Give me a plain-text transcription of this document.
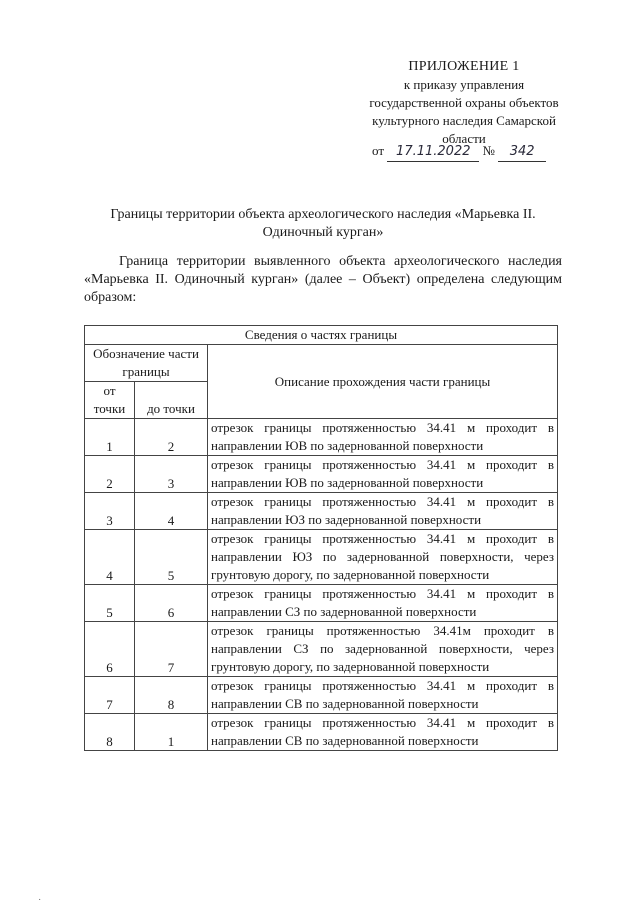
ПРИЛОЖЕНИЕ 1
к приказу управления
государственной охраны объектов
культурного наследия Самарской
области
от 17.11.2022 № 342
Границы территории объекта археологического наследия «Марьевка II. Одиночный курган»
Граница территории выявленного объекта археологического наследия «Марьевка II. Одиночный курган» (далее – Объект) определена следующим образом:
Сведения о частях границы		
Обозначение части границы		Описание прохождения части границы
от точки	до точки	
1	2	отрезок границы протяженностью 34.41 м проходит в направлении ЮВ по задернованной поверхности
2	3	отрезок границы протяженностью 34.41 м проходит в направлении ЮВ по задернованной поверхности
3	4	отрезок границы протяженностью 34.41 м проходит в направлении ЮЗ по задернованной поверхности
4	5	отрезок границы протяженностью 34.41 м проходит в направлении ЮЗ по задернованной поверхности, через грунтовую дорогу, по задернованной поверхности
5	6	отрезок границы протяженностью 34.41 м проходит в направлении СЗ по задернованной поверхности
6	7	отрезок границы протяженностью 34.41м проходит в направлении СЗ по задернованной поверхности, через грунтовую дорогу, по задернованной поверхности
7	8	отрезок границы протяженностью 34.41 м проходит в направлении СВ по задернованной поверхности
8	1	отрезок границы протяженностью 34.41 м проходит в направлении СВ по задернованной поверхности
˙
